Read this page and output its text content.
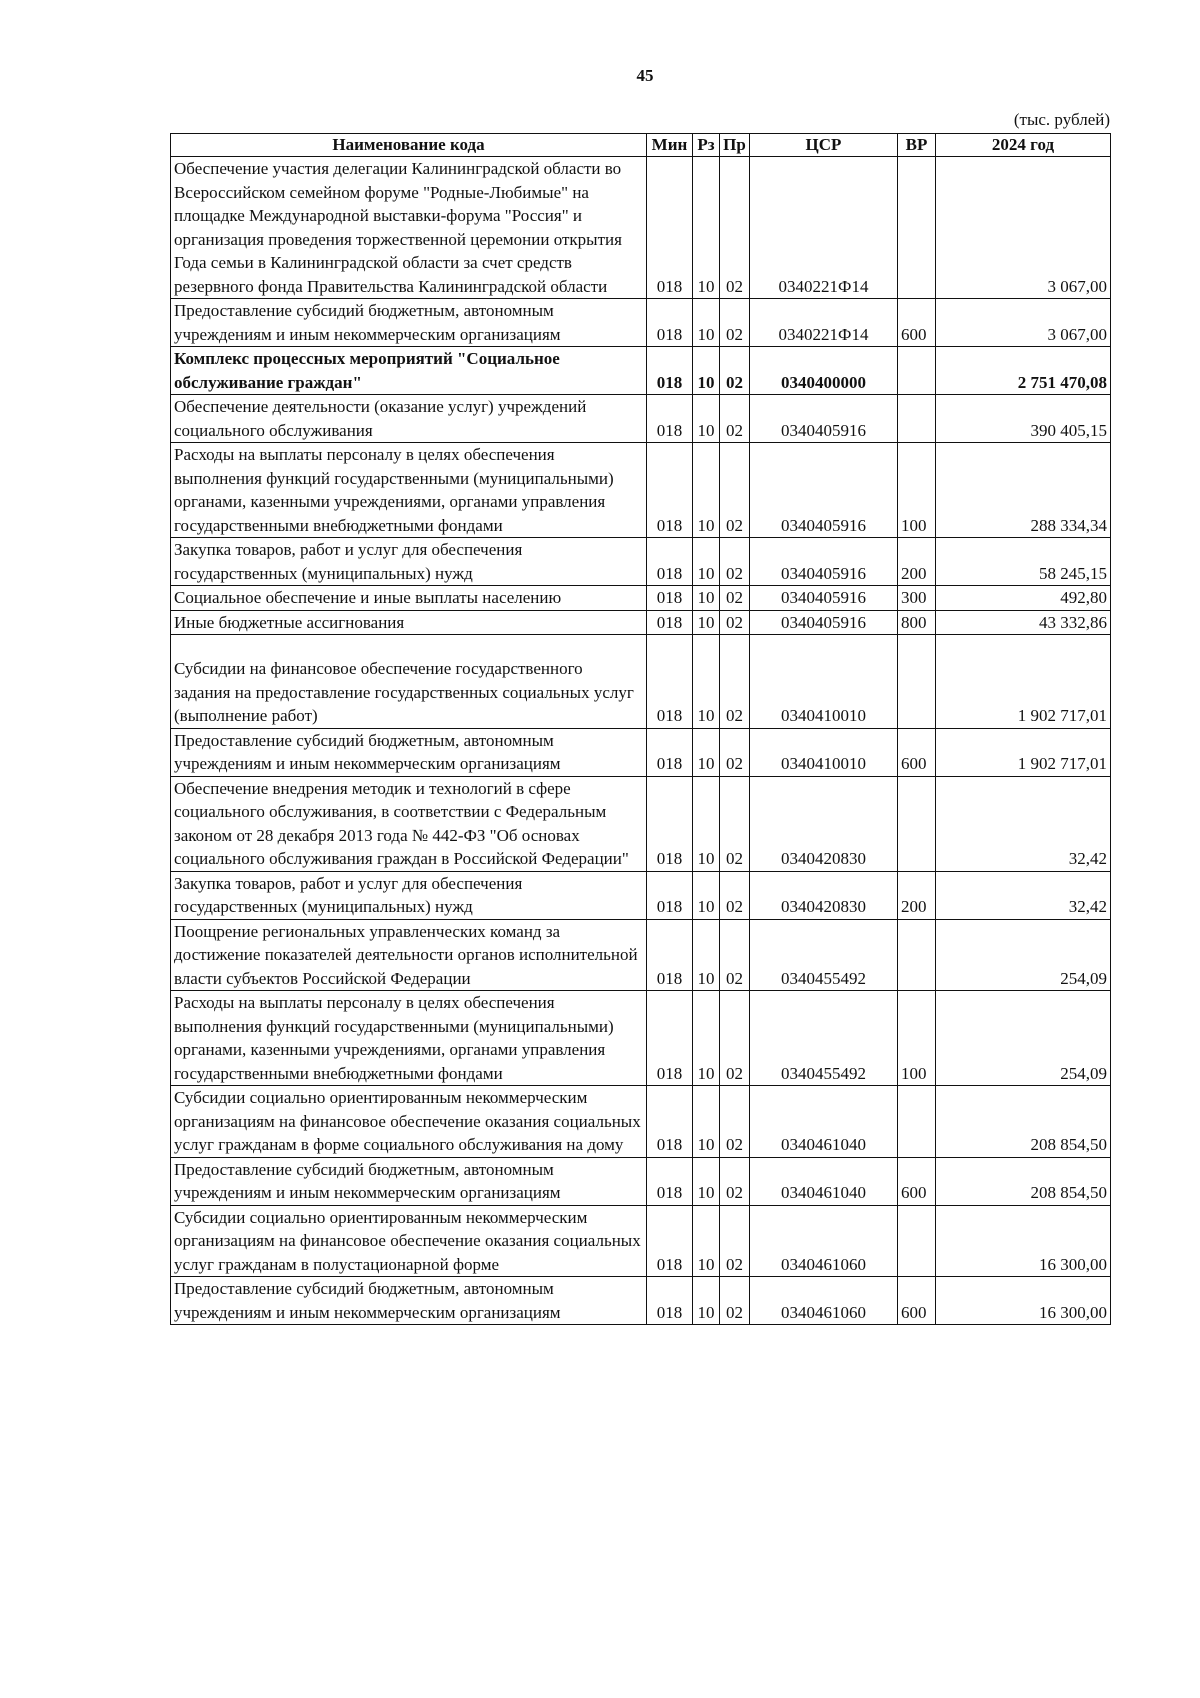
45
(тыс. рублей)
Наименование кода	Мин	Рз	Пр	ЦСР	ВР	2024 год
Обеспечение участия делегации Калининградской области во Всероссийском семейном форуме "Родные-Любимые" на площадке Международной выставки-форума "Россия" и организация проведения торжественной церемонии открытия Года семьи в Калининградской области за счет средств резервного фонда Правительства Калининградской области	018	10	02	0340221Ф14		3 067,00
Предоставление субсидий бюджетным, автономным учреждениям и иным некоммерческим организациям	018	10	02	0340221Ф14	600	3 067,00
Комплекс процессных мероприятий "Социальное обслуживание граждан"	018	10	02	0340400000		2 751 470,08
Обеспечение деятельности (оказание услуг) учреждений социального обслуживания	018	10	02	0340405916		390 405,15
Расходы на выплаты персоналу в целях обеспечения выполнения функций государственными (муниципальными) органами, казенными учреждениями, органами управления государственными внебюджетными фондами	018	10	02	0340405916	100	288 334,34
Закупка товаров, работ и услуг для обеспечения государственных (муниципальных) нужд	018	10	02	0340405916	200	58 245,15
Социальное обеспечение и иные выплаты населению	018	10	02	0340405916	300	492,80
Иные бюджетные ассигнования	018	10	02	0340405916	800	43 332,86
Субсидии на финансовое обеспечение государственного задания на предоставление государственных социальных услуг (выполнение работ)	018	10	02	0340410010		1 902 717,01
Предоставление субсидий бюджетным, автономным учреждениям и иным некоммерческим организациям	018	10	02	0340410010	600	1 902 717,01
Обеспечение внедрения методик и технологий в сфере социального обслуживания, в соответствии с Федеральным законом от 28 декабря 2013 года № 442-ФЗ "Об основах социального обслуживания граждан в Российской Федерации"	018	10	02	0340420830		32,42
Закупка товаров, работ и услуг для обеспечения государственных (муниципальных) нужд	018	10	02	0340420830	200	32,42
Поощрение региональных управленческих команд за достижение показателей деятельности органов исполнительной власти субъектов Российской Федерации	018	10	02	0340455492		254,09
Расходы на выплаты персоналу в целях обеспечения выполнения функций государственными (муниципальными) органами, казенными учреждениями, органами управления государственными внебюджетными фондами	018	10	02	0340455492	100	254,09
Субсидии социально ориентированным некоммерческим организациям на финансовое обеспечение оказания социальных услуг гражданам в форме социального обслуживания на дому	018	10	02	0340461040		208 854,50
Предоставление субсидий бюджетным, автономным учреждениям и иным некоммерческим организациям	018	10	02	0340461040	600	208 854,50
Субсидии социально ориентированным некоммерческим организациям на финансовое обеспечение оказания социальных услуг гражданам в полустационарной форме	018	10	02	0340461060		16 300,00
Предоставление субсидий бюджетным, автономным учреждениям и иным некоммерческим организациям	018	10	02	0340461060	600	16 300,00
